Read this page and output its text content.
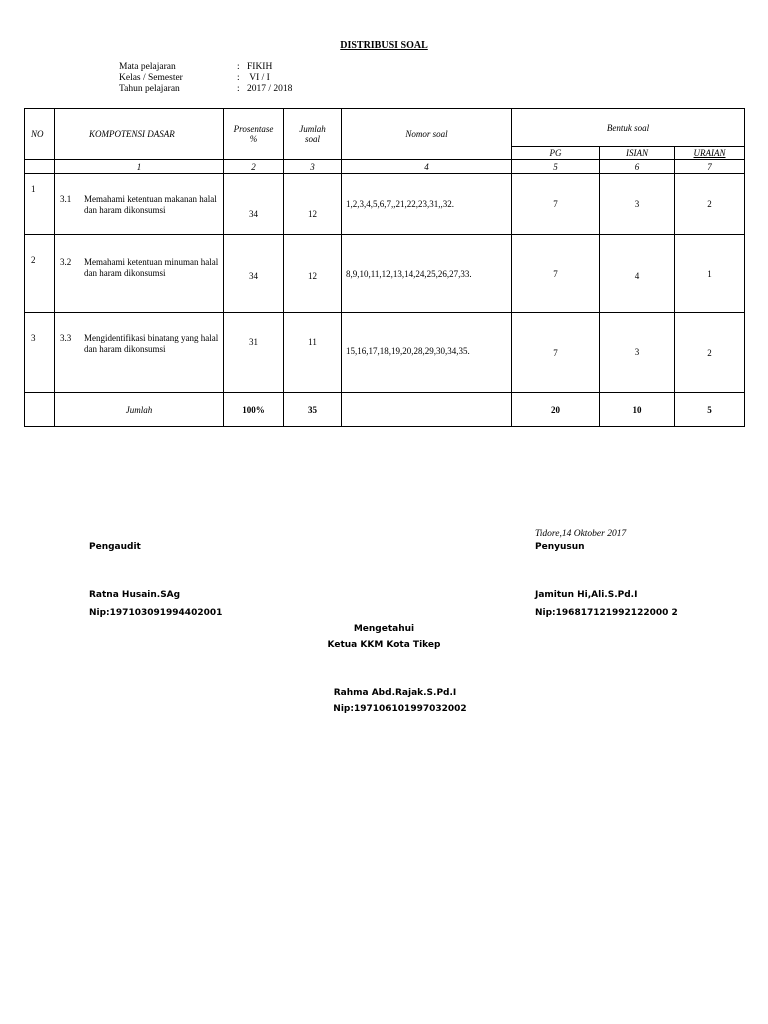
DISTRIBUSI SOAL
Mata pelajaran	: FIKIH
Kelas / Semester	: VI / I
Tahun pelajaran	: 2017 / 2018
NO	KOMPOTENSI DASAR	Prosentase %	Jumlah soal	Nomor soal	Bentuk soal		
					PG	ISIAN	URAIAN
	1	2	3	4	5	6	7
1	3.1 Memahami ketentuan makanan halal dan haram dikonsumsi	34	12	1,2,3,4,5,6,7,,21,22,23,31,,32.	7	3	2
2	3.2 Memahami ketentuan minuman halal dan haram dikonsumsi	34	12	8,9,10,11,12,13,14,24,25,26,27,33.	7	4	1
3	3.3 Mengidentifikasi binatang yang halal dan haram dikonsumsi	31	11	15,16,17,18,19,20,28,29,30,34,35.	7	3	2
	Jumlah	100%	35		20	10	5
Tidore,14 Oktober 2017
Pengaudit	Penyusun
Ratna Husain.SAg	Jamitun Hi,Ali.S.Pd.I
Nip:197103091994402001	Nip:196817121992122000 2
Mengetahui
Ketua KKM Kota Tikep
Rahma Abd.Rajak.S.Pd.I
Nip:197106101997032002
